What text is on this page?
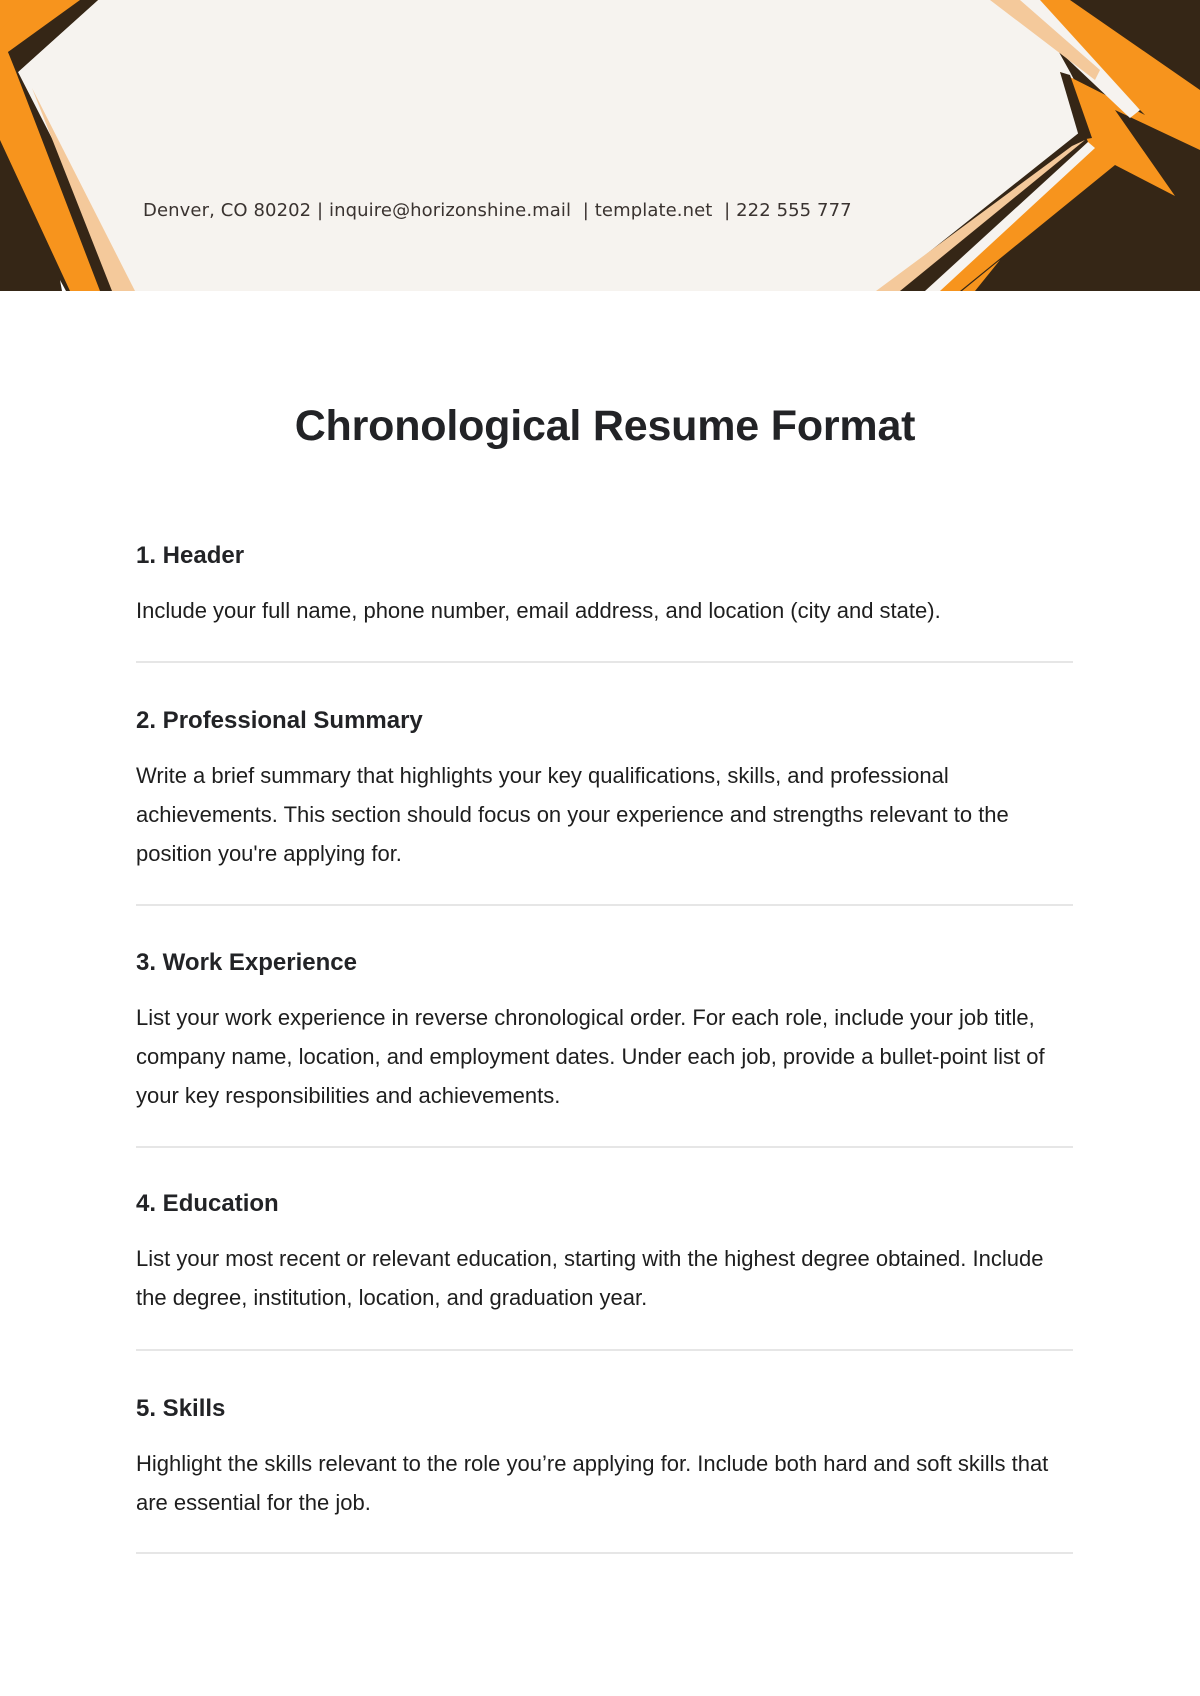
Denver, CO 80202 | inquire@horizonshine.mail  | template.net  | 222 555 777
Chronological Resume Format
1. Header

Include your full name, phone number, email address, and location (city and state).

2. Professional Summary

Write a brief summary that highlights your key qualifications, skills, and professional achievements. This section should focus on your experience and strengths relevant to the position you're applying for.

3. Work Experience

List your work experience in reverse chronological order. For each role, include your job title, company name, location, and employment dates. Under each job, provide a bullet-point list of your key responsibilities and achievements.

4. Education

List your most recent or relevant education, starting with the highest degree obtained. Include the degree, institution, location, and graduation year.

5. Skills

Highlight the skills relevant to the role you’re applying for. Include both hard and soft skills that are essential for the job.
